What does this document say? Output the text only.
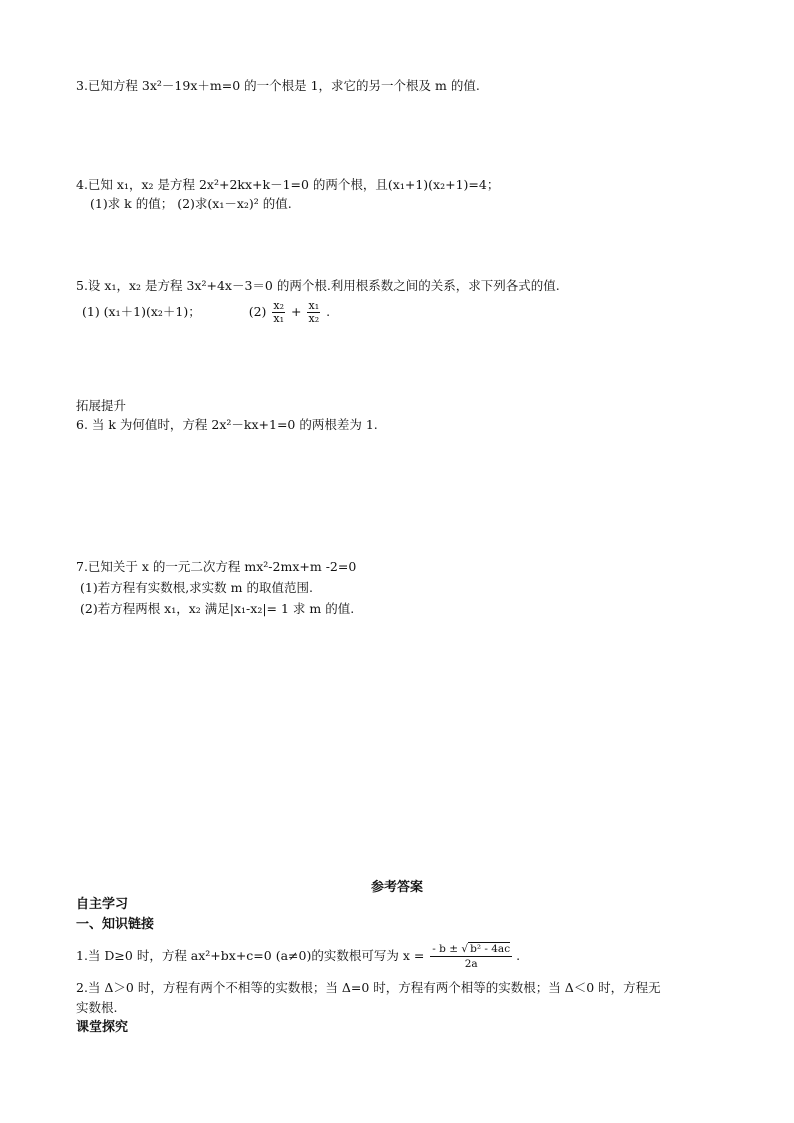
3.已知方程 3x²－19x＋m=0 的一个根是 1，求它的另一个根及 m 的值.
4.已知 x₁，x₂ 是方程 2x²+2kx+k－1=0 的两个根，且(x₁+1)(x₂+1)=4；
(1)求 k 的值； (2)求(x₁－x₂)² 的值.
5.设 x₁，x₂ 是方程 3x²+4x－3＝0 的两个根.利用根系数之间的关系，求下列各式的值.
(1) (x₁＋1)(x₂＋1)；	$(2) \frac{\text{x₂}}{\text{x₁}} + \frac{\text{x₁}}{\text{x₂}}$ .
拓展提升
6. 当 k 为何值时，方程 2x²－kx+1=0 的两根差为 1.
7.已知关于 x 的一元二次方程 mx²-2mx+m -2=0
(1)若方程有实数根,求实数 m 的取值范围.
(2)若方程两根 x₁，x₂ 满足|x₁-x₂|= 1 求 m 的值.
参考答案
自主学习
一、知识链接
1.当 D≥0 时，方程 ax²+bx+c=0 (a≠0)的实数根可写为 $x = \frac{\text{- b ± √ b² - 4ac}}{2a}$ .
2.当 Δ＞0 时，方程有两个不相等的实数根；当 Δ=0 时，方程有两个相等的实数根；当 Δ＜0 时，方程无
实数根.
课堂探究
